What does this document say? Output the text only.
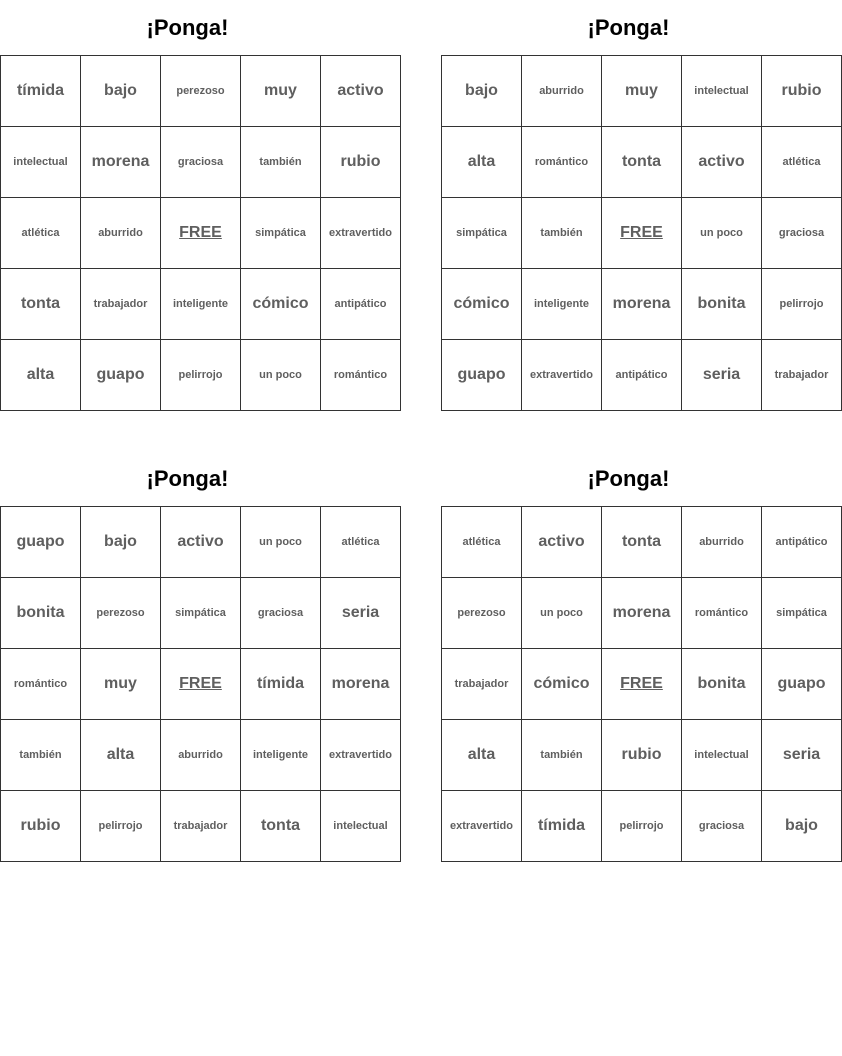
¡Ponga!
tímida	bajo	perezoso	muy	activo
intelectual	morena	graciosa	también	rubio
atlética	aburrido	FREE	simpática	extravertido
tonta	trabajador	inteligente	cómico	antipático
alta	guapo	pelirrojo	un poco	romántico
¡Ponga!
bajo	aburrido	muy	intelectual	rubio
alta	romántico	tonta	activo	atlética
simpática	también	FREE	un poco	graciosa
cómico	inteligente	morena	bonita	pelirrojo
guapo	extravertido	antipático	seria	trabajador
¡Ponga!
guapo	bajo	activo	un poco	atlética
bonita	perezoso	simpática	graciosa	seria
romántico	muy	FREE	tímida	morena
también	alta	aburrido	inteligente	extravertido
rubio	pelirrojo	trabajador	tonta	intelectual
¡Ponga!
atlética	activo	tonta	aburrido	antipático
perezoso	un poco	morena	romántico	simpática
trabajador	cómico	FREE	bonita	guapo
alta	también	rubio	intelectual	seria
extravertido	tímida	pelirrojo	graciosa	bajo
